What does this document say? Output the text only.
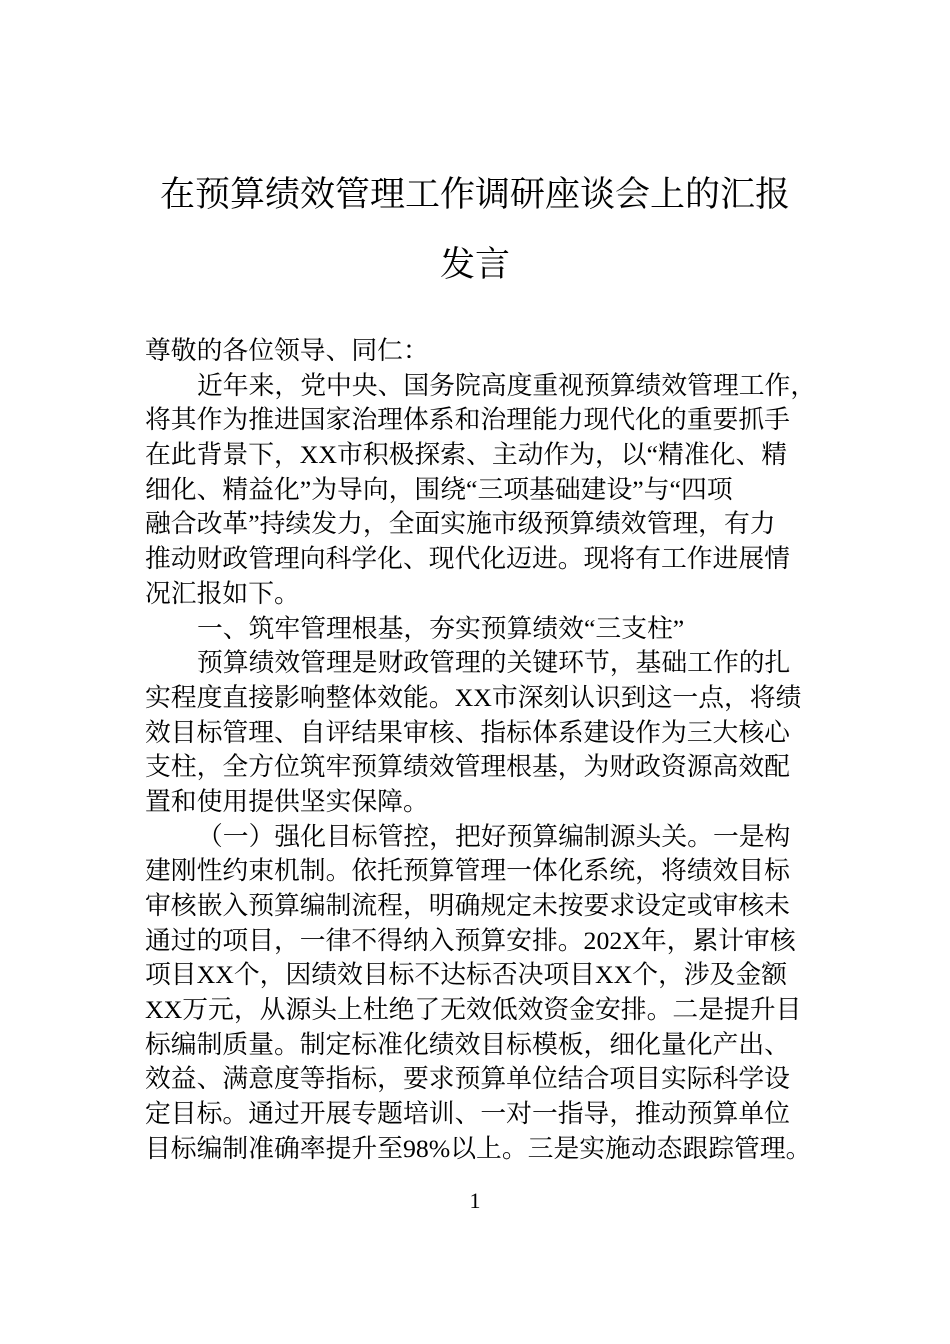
在预算绩效管理工作调研座谈会上的汇报
发言
尊敬的各位领导、同仁：
近年来，党中央、国务院高度重视预算绩效管理工作，
将其作为推进国家治理体系和治理能力现代化的重要抓手
在此背景下，XX市积极探索、主动作为，以“精准化、精
细化、精益化”为导向，围绕“三项基础建设”与“四项
融合改革”持续发力，全面实施市级预算绩效管理，有力
推动财政管理向科学化、现代化迈进。现将有工作进展情
况汇报如下。
一、筑牢管理根基，夯实预算绩效“三支柱”
预算绩效管理是财政管理的关键环节，基础工作的扎
实程度直接影响整体效能。XX市深刻认识到这一点，将绩
效目标管理、自评结果审核、指标体系建设作为三大核心
支柱，全方位筑牢预算绩效管理根基，为财政资源高效配
置和使用提供坚实保障。
（一）强化目标管控，把好预算编制源头关。一是构
建刚性约束机制。依托预算管理一体化系统，将绩效目标
审核嵌入预算编制流程，明确规定未按要求设定或审核未
通过的项目，一律不得纳入预算安排。202X年，累计审核
项目XX个，因绩效目标不达标否决项目XX个，涉及金额
XX万元，从源头上杜绝了无效低效资金安排。二是提升目
标编制质量。制定标准化绩效目标模板，细化量化产出、
效益、满意度等指标，要求预算单位结合项目实际科学设
定目标。通过开展专题培训、一对一指导，推动预算单位
目标编制准确率提升至98%以上。三是实施动态跟踪管理。
1
